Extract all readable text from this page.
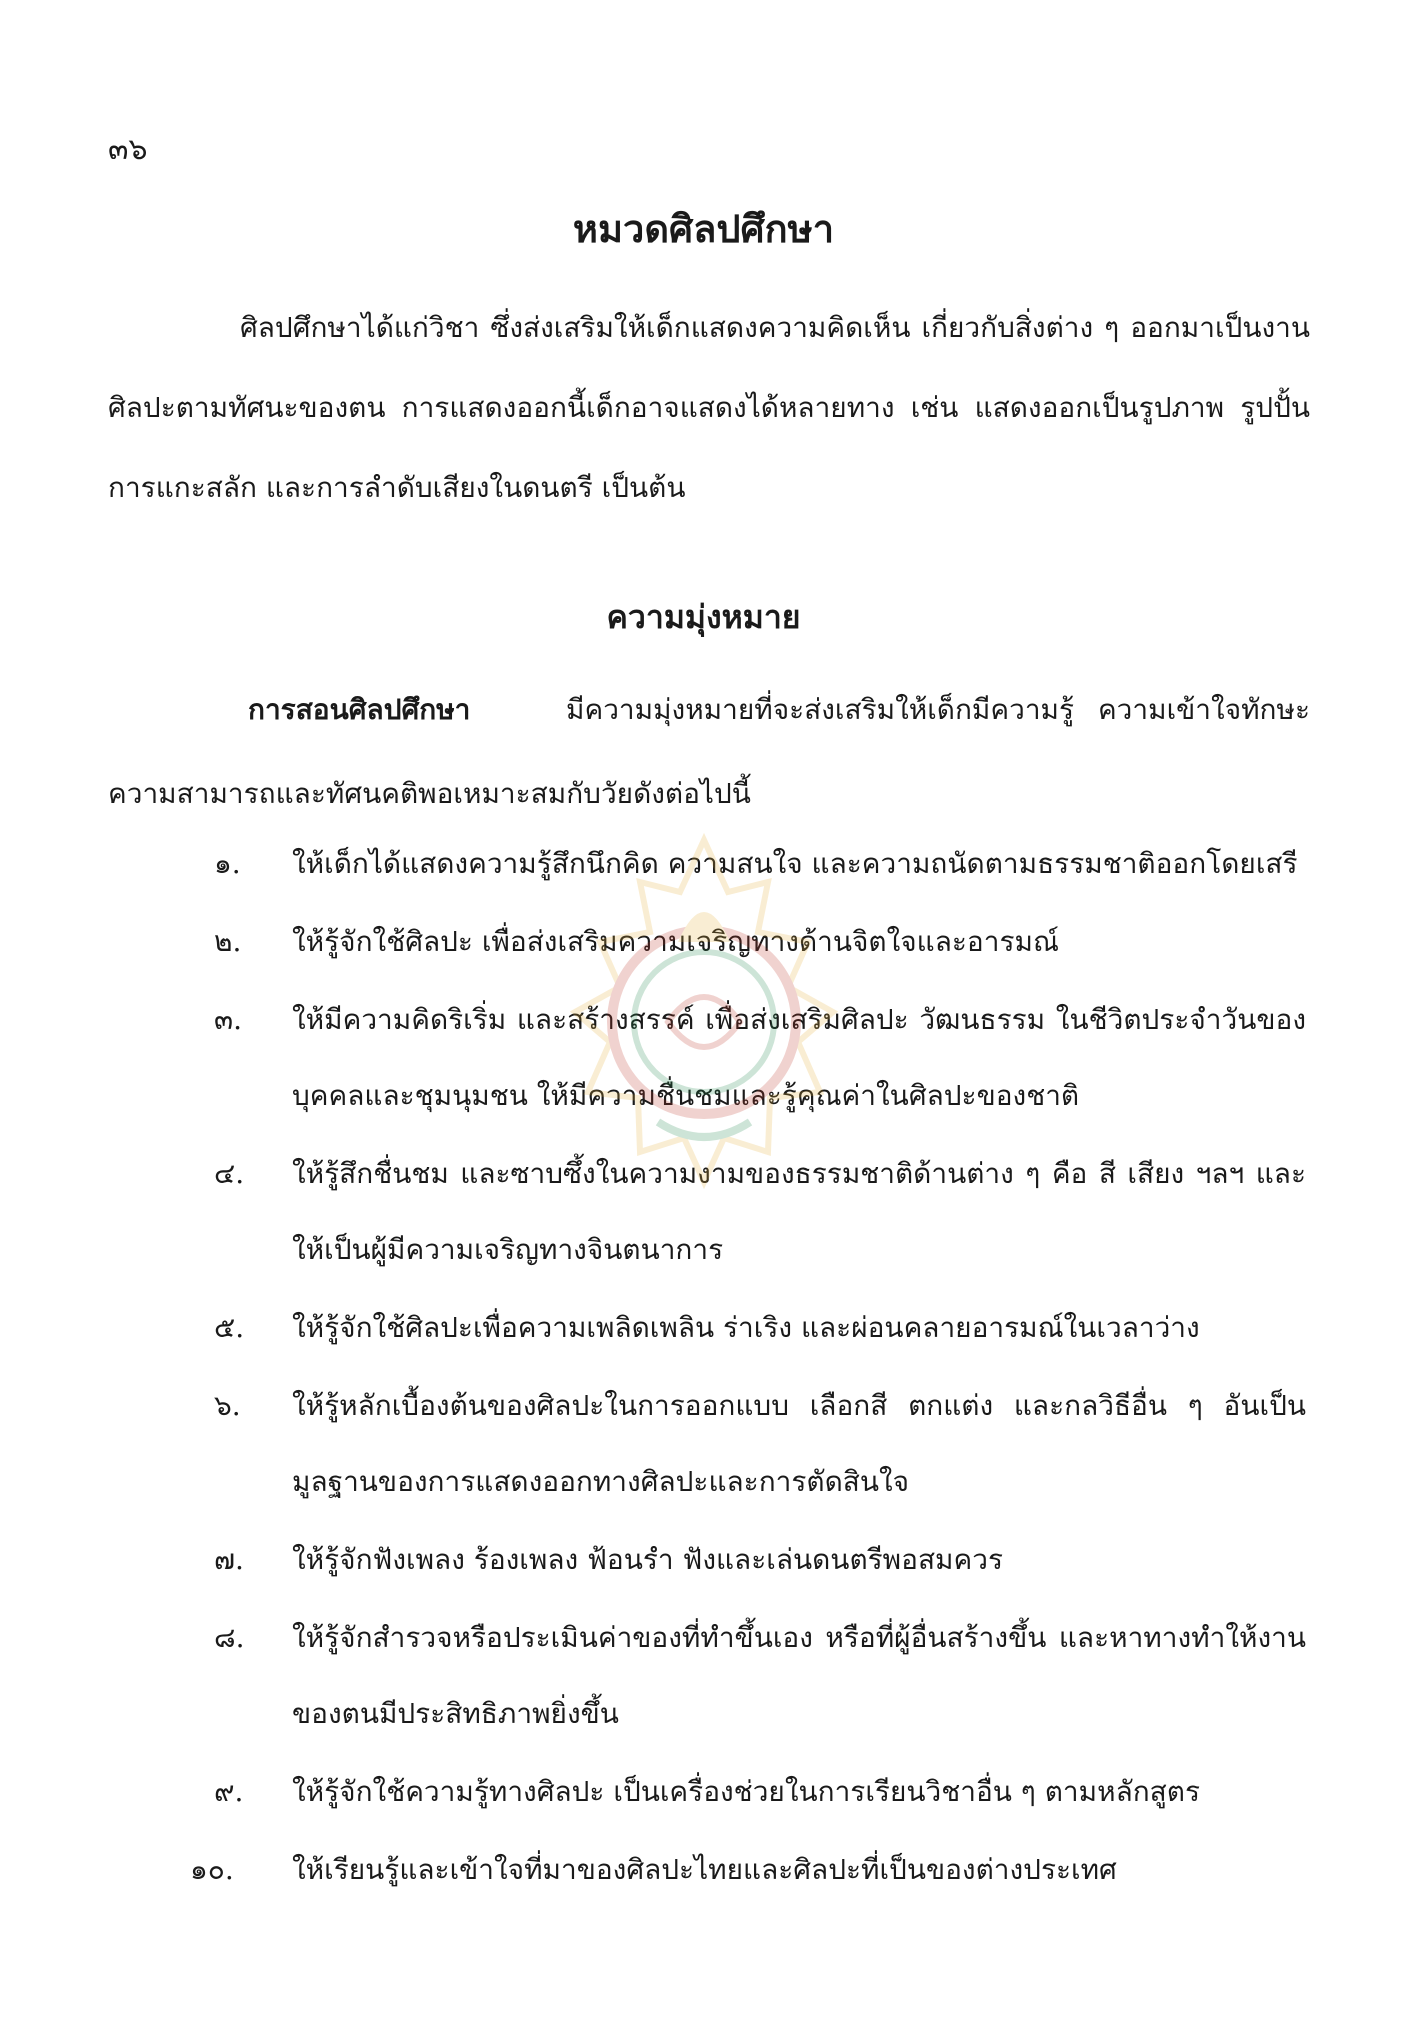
๓๖
หมวดศิลปศึกษา
ศิลปศึกษาได้แก่วิชา ซึ่งส่งเสริมให้เด็กแสดงความคิดเห็น เกี่ยวกับสิ่งต่าง ๆ ออกมาเป็นงานศิลปะตามทัศนะของตน การแสดงออกนี้เด็กอาจแสดงได้หลายทาง เช่น แสดงออกเป็นรูปภาพ รูปปั้น การแกะสลัก และการลำดับเสียงในดนตรี เป็นต้น
ความมุ่งหมาย
การสอนศิลปศึกษา	มีความมุ่งหมายที่จะส่งเสริมให้เด็กมีความรู้ ความเข้าใจทักษะ ความสามารถและทัศนคติพอเหมาะสมกับวัยดังต่อไปนี้
๑.	ให้เด็กได้แสดงความรู้สึกนึกคิด ความสนใจ และความถนัดตามธรรมชาติออกโดยเสรี
๒.	ให้รู้จักใช้ศิลปะ เพื่อส่งเสริมความเจริญทางด้านจิตใจและอารมณ์
๓.	ให้มีความคิดริเริ่ม และสร้างสรรค์ เพื่อส่งเสริมศิลปะ วัฒนธรรม ในชีวิตประจำวันของบุคคลและชุมนุมชน ให้มีความชื่นชมและรู้คุณค่าในศิลปะของชาติ
๔.	ให้รู้สึกชื่นชม และซาบซึ้งในความงามของธรรมชาติด้านต่าง ๆ คือ สี เสียง ฯลฯ และให้เป็นผู้มีความเจริญทางจินตนาการ
๕.	ให้รู้จักใช้ศิลปะเพื่อความเพลิดเพลิน ร่าเริง และผ่อนคลายอารมณ์ในเวลาว่าง
๖.	ให้รู้หลักเบื้องต้นของศิลปะในการออกแบบ เลือกสี ตกแต่ง และกลวิธีอื่น ๆ อันเป็นมูลฐานของการแสดงออกทางศิลปะและการตัดสินใจ
๗.	ให้รู้จักฟังเพลง ร้องเพลง ฟ้อนรำ ฟังและเล่นดนตรีพอสมควร
๘.	ให้รู้จักสำรวจหรือประเมินค่าของที่ทำขึ้นเอง หรือที่ผู้อื่นสร้างขึ้น และหาทางทำให้งานของตนมีประสิทธิภาพยิ่งขึ้น
๙.	ให้รู้จักใช้ความรู้ทางศิลปะ เป็นเครื่องช่วยในการเรียนวิชาอื่น ๆ ตามหลักสูตร
๑๐.	ให้เรียนรู้และเข้าใจที่มาของศิลปะไทยและศิลปะที่เป็นของต่างประเทศ
